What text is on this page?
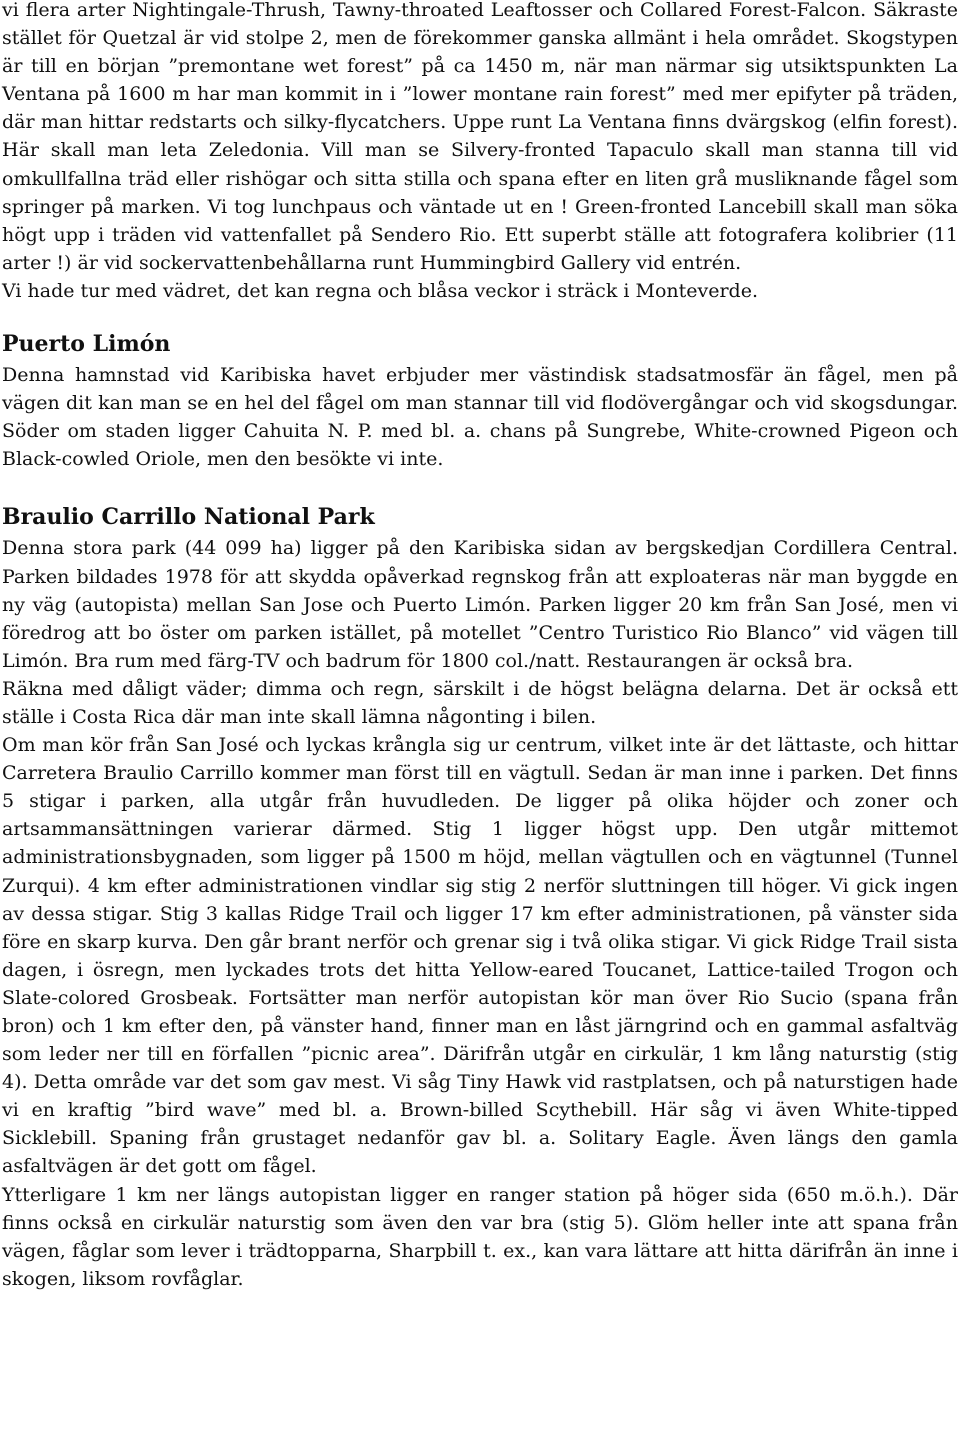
vi flera arter Nightingale-Thrush, Tawny-throated Leaftosser och Collared Forest-Falcon. Säkraste stället för Quetzal är vid stolpe 2, men de förekommer ganska allmänt i hela området. Skogstypen är till en början ”premontane wet forest” på ca 1450 m, när man närmar sig utsiktspunkten La Ventana på 1600 m har man kommit in i ”lower montane rain forest” med mer epifyter på träden, där man hittar redstarts och silky-flycatchers. Uppe runt La Ventana finns dvärgskog (elfin forest). Här skall man leta Zeledonia. Vill man se Silvery-fronted Tapaculo skall man stanna till vid omkullfallna träd eller rishögar och sitta stilla och spana efter en liten grå musliknande fågel som springer på marken. Vi tog lunchpaus och väntade ut en ! Green-fronted Lancebill skall man söka högt upp i träden vid vattenfallet på Sendero Rio. Ett superbt ställe att fotografera kolibrier (11 arter !) är vid sockervattenbehållarna runt Hummingbird Gallery vid entrén.

Vi hade tur med vädret, det kan regna och blåsa veckor i sträck i Monteverde.

Puerto Limón

Denna hamnstad vid Karibiska havet erbjuder mer västindisk stadsatmosfär än fågel, men på vägen dit kan man se en hel del fågel om man stannar till vid flodövergångar och vid skogsdungar. Söder om staden ligger Cahuita N. P. med bl. a. chans på Sungrebe, White-crowned Pigeon och Black-cowled Oriole, men den besökte vi inte.

Braulio Carrillo National Park

Denna stora park (44 099 ha) ligger på den Karibiska sidan av bergskedjan Cordillera Central. Parken bildades 1978 för att skydda opåverkad regnskog från att exploateras när man byggde en ny väg (autopista) mellan San Jose och Puerto Limón. Parken ligger 20 km från San José, men vi föredrog att bo öster om parken istället, på motellet ”Centro Turistico Rio Blanco” vid vägen till Limón. Bra rum med färg-TV och badrum för 1800 col./natt. Restaurangen är också bra.

Räkna med dåligt väder; dimma och regn, särskilt i de högst belägna delarna. Det är också ett ställe i Costa Rica där man inte skall lämna någonting i bilen.

Om man kör från San José och lyckas krångla sig ur centrum, vilket inte är det lättaste, och hittar Carretera Braulio Carrillo kommer man först till en vägtull. Sedan är man inne i parken. Det finns 5 stigar i parken, alla utgår från huvudleden. De ligger på olika höjder och zoner och artsammansättningen varierar därmed. Stig 1 ligger högst upp. Den utgår mittemot administrationsbygnaden, som ligger på 1500 m höjd, mellan vägtullen och en vägtunnel (Tunnel Zurqui). 4 km efter administrationen vindlar sig stig 2 nerför sluttningen till höger. Vi gick ingen av dessa stigar. Stig 3 kallas Ridge Trail och ligger 17 km efter administrationen, på vänster sida före en skarp kurva. Den går brant nerför och grenar sig i två olika stigar. Vi gick Ridge Trail sista dagen, i ösregn, men lyckades trots det hitta Yellow-eared Toucanet, Lattice-tailed Trogon och Slate-colored Grosbeak. Fortsätter man nerför autopistan kör man över Rio Sucio (spana från bron) och 1 km efter den, på vänster hand, finner man en låst järngrind och en gammal asfaltväg som leder ner till en förfallen ”picnic area”. Därifrån utgår en cirkulär, 1 km lång naturstig (stig 4). Detta område var det som gav mest. Vi såg Tiny Hawk vid rastplatsen, och på naturstigen hade vi en kraftig ”bird wave” med bl. a. Brown-billed Scythebill. Här såg vi även White-tipped Sicklebill. Spaning från grustaget nedanför gav bl. a. Solitary Eagle. Även längs den gamla asfaltvägen är det gott om fågel.

Ytterligare 1 km ner längs autopistan ligger en ranger station på höger sida (650 m.ö.h.). Där finns också en cirkulär naturstig som även den var bra (stig 5). Glöm heller inte att spana från vägen, fåglar som lever i trädtopparna, Sharpbill t. ex., kan vara lättare att hitta därifrån än inne i skogen, liksom rovfåglar.
